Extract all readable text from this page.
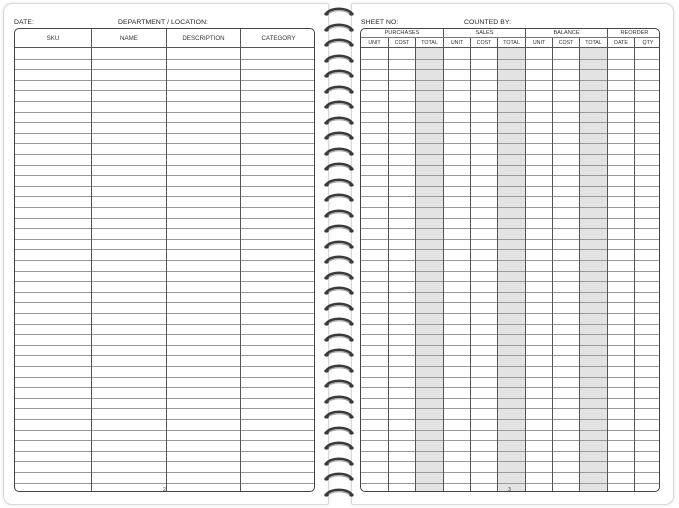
DATE:	DEPARTMENT / LOCATION:
SKU	NAME	DESCRIPTION	CATEGORY
2
SHEET NO:	COUNTED BY:
PURCHASES	SALES	BALANCE	REORDER
UNIT	COST	TOTAL	UNIT	COST	TOTAL	UNIT	COST	TOTAL	DATE	QTY
3
